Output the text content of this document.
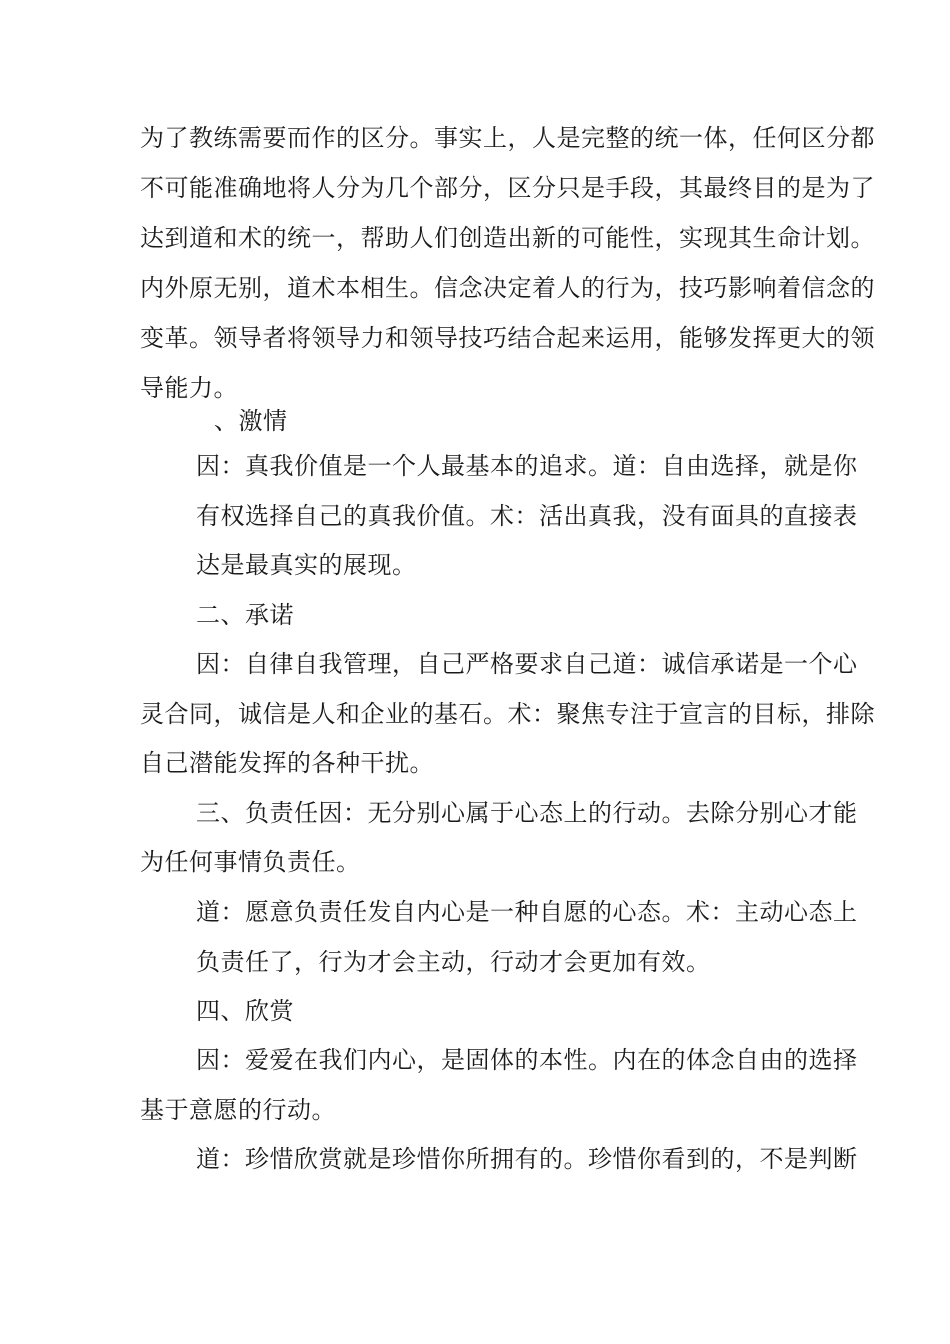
为了教练需要而作的区分。事实上，人是完整的统一体，任何区分都

不可能准确地将人分为几个部分，区分只是手段，其最终目的是为了

达到道和术的统一，帮助人们创造出新的可能性，实现其生命计划。

内外原无别，道术本相生。信念决定着人的行为，技巧影响着信念的

变革。领导者将领导力和领导技巧结合起来运用，能够发挥更大的领

导能力。

、激情

因：真我价值是一个人最基本的追求。道：自由选择，就是你

有权选择自己的真我价值。术：活出真我，没有面具的直接表

达是最真实的展现。

二、承诺

因：自律自我管理，自己严格要求自己道：诚信承诺是一个心

灵合同，诚信是人和企业的基石。术：聚焦专注于宣言的目标，排除

自己潜能发挥的各种干扰。

三、负责任因：无分别心属于心态上的行动。去除分别心才能

为任何事情负责任。

道：愿意负责任发自内心是一种自愿的心态。术：主动心态上

负责任了，行为才会主动，行动才会更加有效。

四、欣赏

因：爱爱在我们内心，是固体的本性。内在的体念自由的选择

基于意愿的行动。

道：珍惜欣赏就是珍惜你所拥有的。珍惜你看到的，不是判断
